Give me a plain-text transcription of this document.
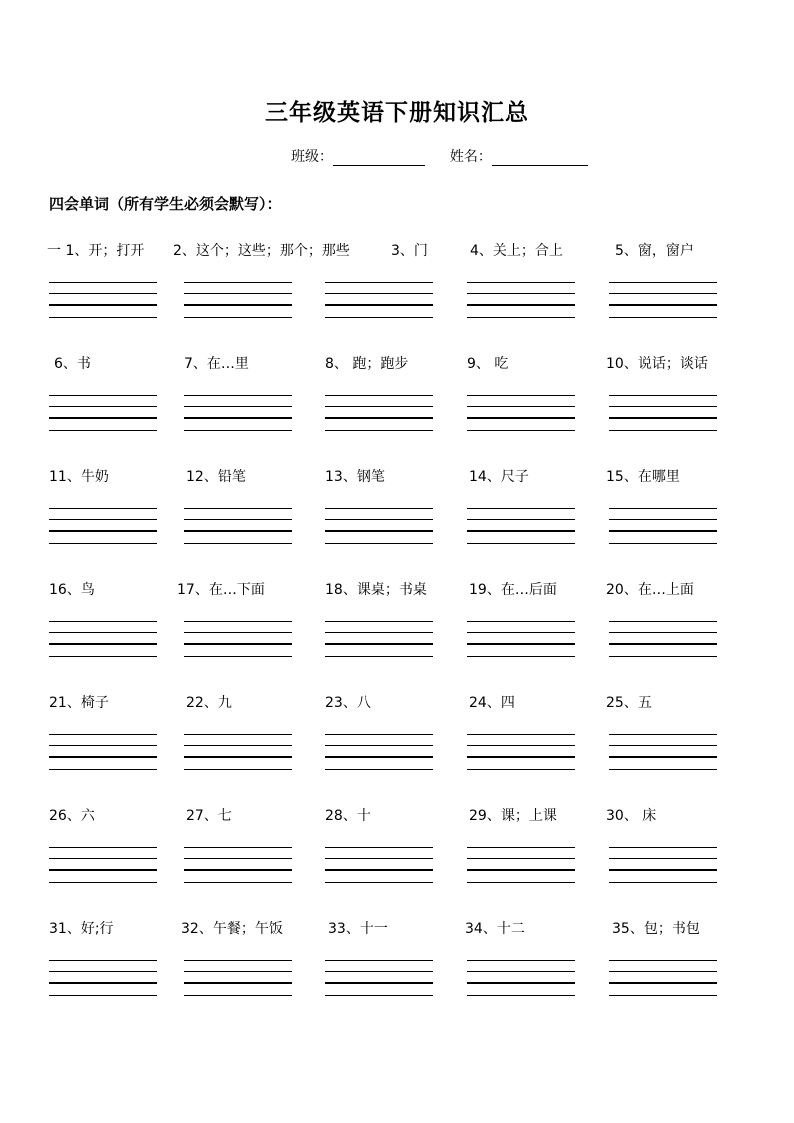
三年级英语下册知识汇总
班级：	姓名：
四会单词（所有学生必须会默写）：
一 1、开；打开 2、这个；这些；那个；那些	3、门	4、关上；合上	5、窗，窗户
6、书	7、在…里	8、 跑；跑步	9、 吃	10、说话；谈话
11、牛奶	12、铅笔	13、钢笔	14、尺子	15、在哪里
16、鸟	17、在…下面	18、课桌；书桌	19、在…后面	20、在…上面
21、椅子	22、九	23、八	24、四	25、五
26、六	27、七	28、十	29、课；上课	30、 床
31、好;行	32、午餐；午饭	33、十一	34、十二	35、包；书包
